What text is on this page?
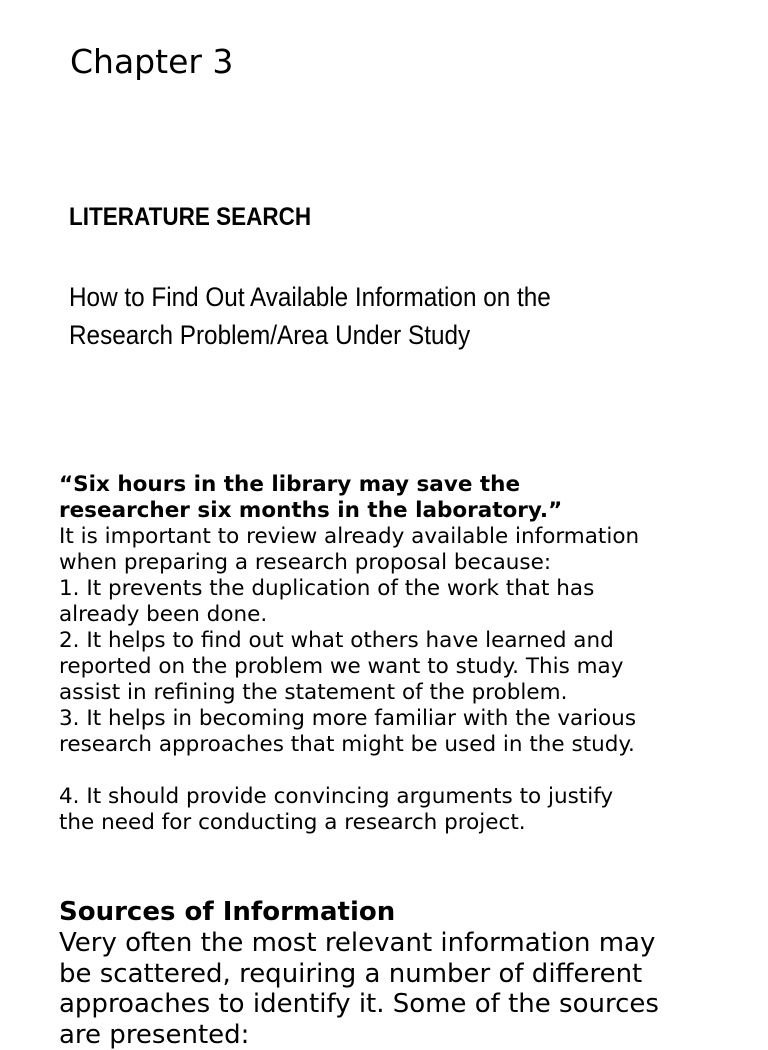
Chapter 3
LITERATURE SEARCH
How to Find Out Available Information on the
Research Problem/Area Under Study
“Six hours in the library may save the
researcher six months in the laboratory.”
It is important to review already available information
when preparing a research proposal because:
1. It prevents the duplication of the work that has
already been done.
2. It helps to find out what others have learned and
reported on the problem we want to study. This may
assist in refining the statement of the problem.
3. It helps in becoming more familiar with the various
research approaches that might be used in the study.
4. It should provide convincing arguments to justify
the need for conducting a research project.
Sources of Information
Very often the most relevant information may
be scattered, requiring a number of different
approaches to identify it. Some of the sources
are presented:
